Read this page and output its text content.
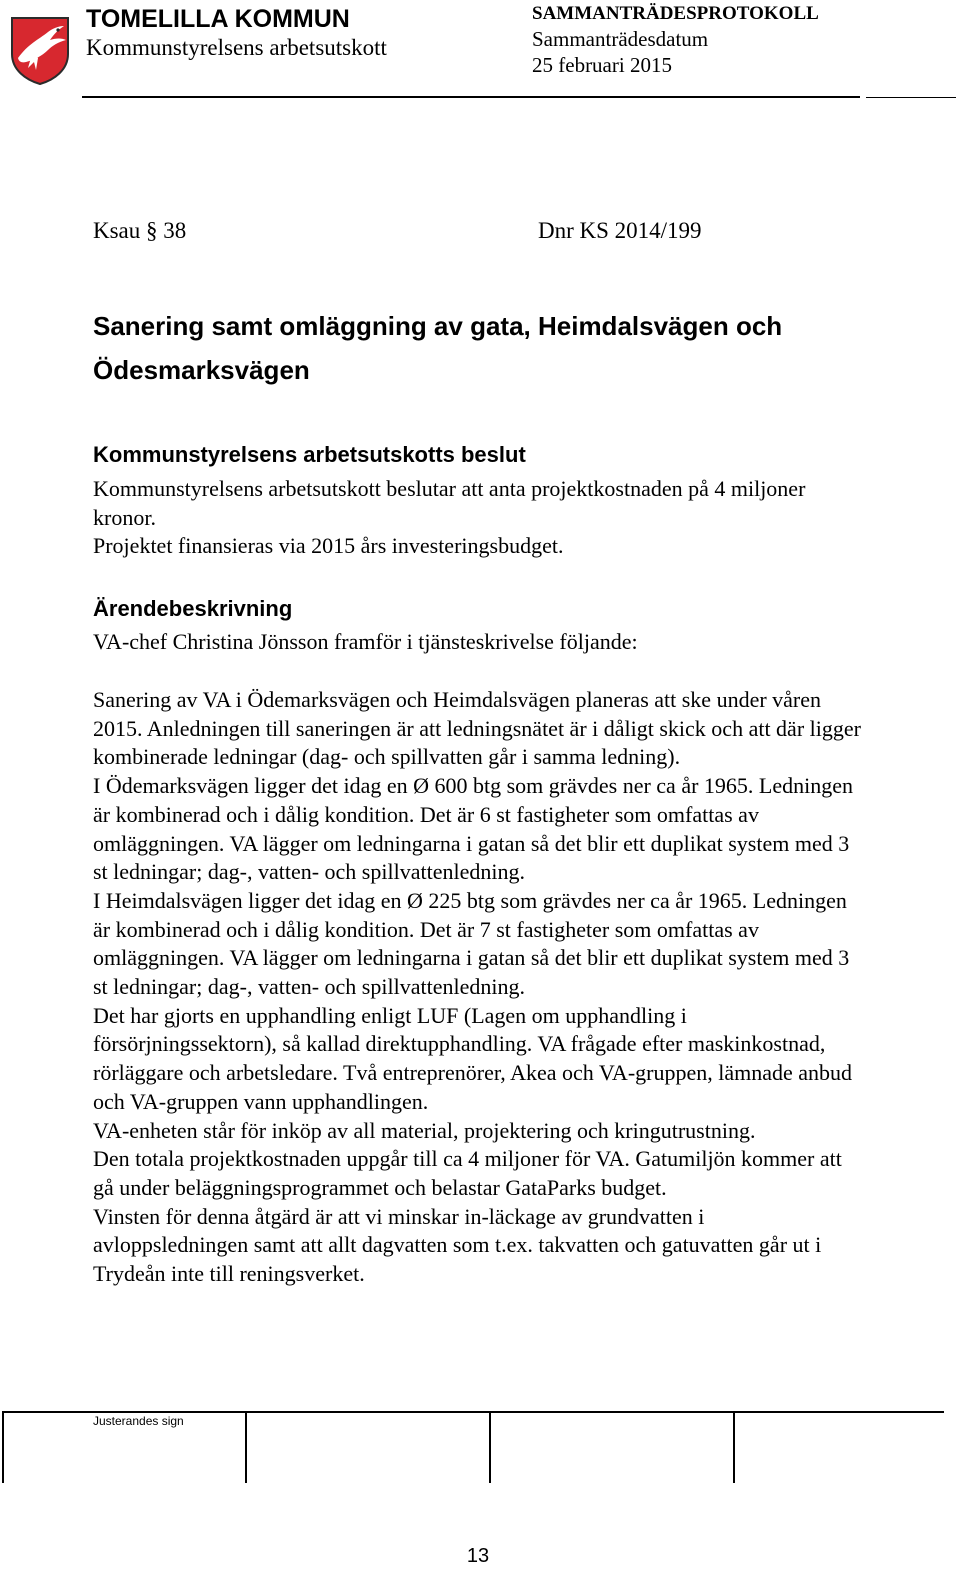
TOMELILLA KOMMUN
Kommunstyrelsens arbetsutskott
SAMMANTRÄDESPROTOKOLL
Sammanträdesdatum
25 februari 2015
Ksau § 38	Dnr KS 2014/199
Sanering samt omläggning av gata, Heimdalsvägen och Ödesmarksvägen
Kommunstyrelsens arbetsutskotts beslut

Kommunstyrelsens arbetsutskott beslutar att anta projektkostnaden på 4 miljoner kronor.

Projektet finansieras via 2015 års investeringsbudget.

Ärendebeskrivning

VA-chef Christina Jönsson framför i tjänsteskrivelse följande:

Sanering av VA i Ödemarksvägen och Heimdalsvägen planeras att ske under våren 2015. Anledningen till saneringen är att ledningsnätet är i dåligt skick och att där ligger kombinerade ledningar (dag- och spillvatten går i samma ledning).

I Ödemarksvägen ligger det idag en Ø 600 btg som grävdes ner ca år 1965. Ledningen är kombinerad och i dålig kondition. Det är 6 st fastigheter som omfattas av omläggningen. VA lägger om ledningarna i gatan så det blir ett duplikat system med 3 st ledningar; dag-, vatten- och spillvattenledning.

I Heimdalsvägen ligger det idag en Ø 225 btg som grävdes ner ca år 1965. Ledningen är kombinerad och i dålig kondition. Det är 7 st fastigheter som omfattas av omläggningen. VA lägger om ledningarna i gatan så det blir ett duplikat system med 3 st ledningar; dag-, vatten- och spillvattenledning.

Det har gjorts en upphandling enligt LUF (Lagen om upphandling i försörjningssektorn), så kallad direktupphandling. VA frågade efter maskinkostnad, rörläggare och arbetsledare. Två entreprenörer, Akea och VA-gruppen, lämnade anbud och VA-gruppen vann upphandlingen.

VA-enheten står för inköp av all material, projektering och kringutrustning.

Den totala projektkostnaden uppgår till ca 4 miljoner för VA. Gatumiljön kommer att gå under beläggningsprogrammet och belastar GataParks budget.

Vinsten för denna åtgärd är att vi minskar in-läckage av grundvatten i avloppsledningen samt att allt dagvatten som t.ex. takvatten och gatuvatten går ut i Trydeån inte till reningsverket.

Justerandes sign
13
